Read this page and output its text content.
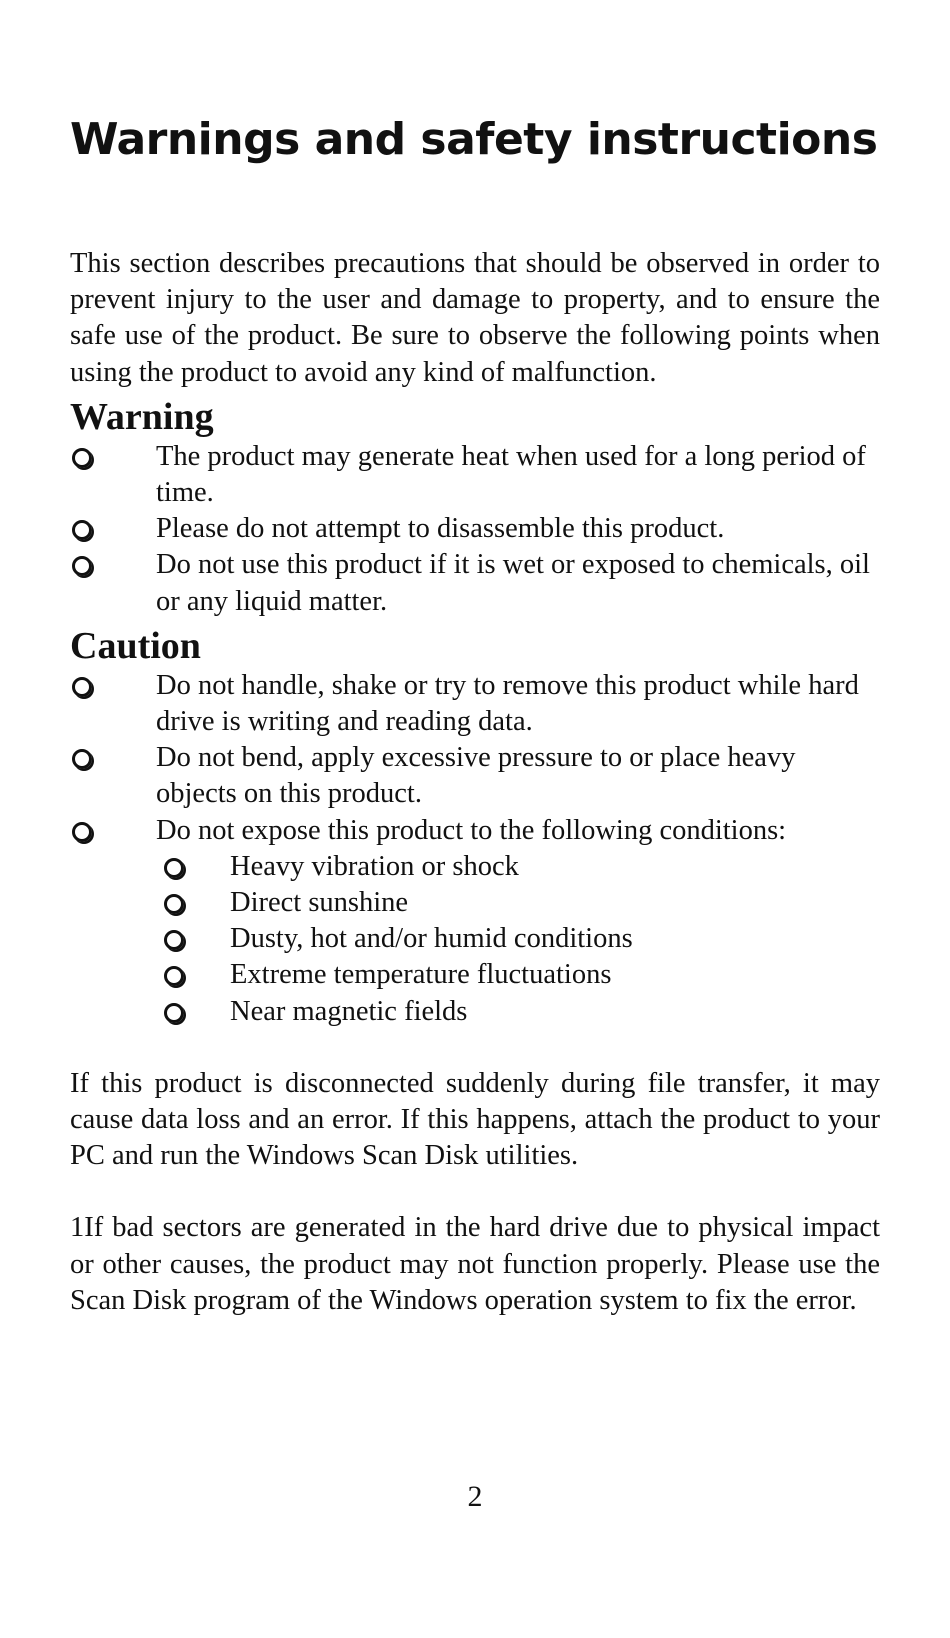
Warnings and safety instructions

This section describes precautions that should be observed in order to prevent injury to the user and damage to property, and to ensure the safe use of the product. Be sure to observe the following points when using the product to avoid any kind of malfunction.

Warning
The product may generate heat when used for a long period of time.
Please do not attempt to disassemble this product.
Do not use this product if it is wet or exposed to chemicals, oil or any liquid matter.
Caution
Do not handle, shake or try to remove this product while hard drive is writing and reading data.
Do not bend, apply excessive pressure to or place heavy objects on this product.
Do not expose this product to the following conditions:
Heavy vibration or shock
Direct sunshine
Dusty, hot and/or humid conditions
Extreme temperature fluctuations
Near magnetic fields

If this product is disconnected suddenly during file transfer, it may cause data loss and an error. If this happens, attach the product to your PC and run the Windows Scan Disk utilities.

1If bad sectors are generated in the hard drive due to physical impact or other causes, the product may not function properly. Please use the Scan Disk program of the Windows operation system to fix the error.

2
